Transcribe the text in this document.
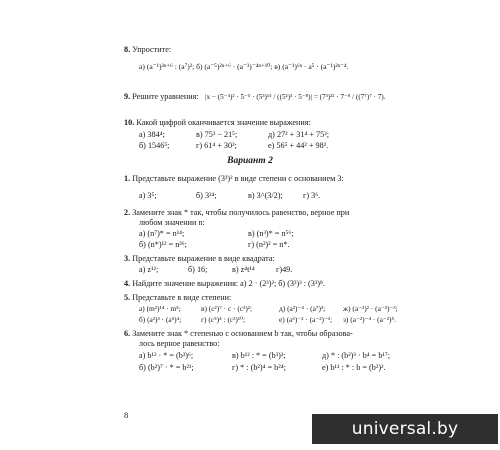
8. Упростите:
а) (a⁻¹)³ⁿ⁺⁶ : (a⁷)²; б) (a⁻⁵)²ⁿ⁺⁶ · (a⁻³)⁻⁴ⁿ⁺¹⁰; в) (a⁻¹)⁶ⁿ · a⁵ · (a⁻¹)²ⁿ⁻⁴.
9. Решите уравнения: |x − (5⁻⁴)² · 5⁻⁵ · (5³)¹⁵ / ((5²)³ · 5⁻⁸)| = (7³)²² · 7⁻⁸ / ((7⁷)⁷ · 7).
10. Какой цифрой оканчивается значение выражения:
а) 384⁴;	в) 75³ − 21⁵;	д) 27² + 31⁴ + 75²;
б) 1546⁵;	г) 61⁴ + 30²;	е) 56⁵ + 44² + 98².
Вариант 2
1. Представьте выражение (3³)² в виде степени с основанием 3:
а) 3⁵;	б) 3²⁴;	в) 3^(3/2); г) 3⁶.
2. Замените знак * так, чтобы получилось равенство, верное при
любом значении n:
а) (n⁷)* = n¹⁴;	в) (n³)* = n⁵⁶;
б) (n*)¹² = n³⁶;	г) (n²)² = n*.
3. Представьте выражение в виде квадрата:
а) z¹²;	б) 16;	в) z⁴t¹⁴	г)49.
4. Найдите значение выражения: а) 2 · (2³)²; б) (3³)³ : (3³)⁸.
5. Представьте в виде степени:
а) (m²)¹⁴ · m⁵;	в) (c²)⁷ · c · (c³)²;	д) (a³)⁻⁴ · (a⁷)³; ж) (a⁻²)² · (a⁻³)⁻³;
б) (a²)³ · (a⁵)⁴;	г) (c⁵)⁴ : (c²)¹⁰;	е) (a⁶)⁻² · (a⁻²)⁻³; з) (a⁻²)⁻⁴ · (a⁻²)⁵.
6. Замените знак * степенью с основанием b так, чтобы образова-
лось верное равенство:
а) b¹² · * = (b³)⁶;	в) b¹² : * = (b³)³;	д) * : (b²)³ · b⁴ = b¹⁷;
б) (b²)⁷ · * = b²¹;	г) * : (b²)⁴ = b²⁴;	е) b¹¹ : * : b = (b²)².
8
universal.by
